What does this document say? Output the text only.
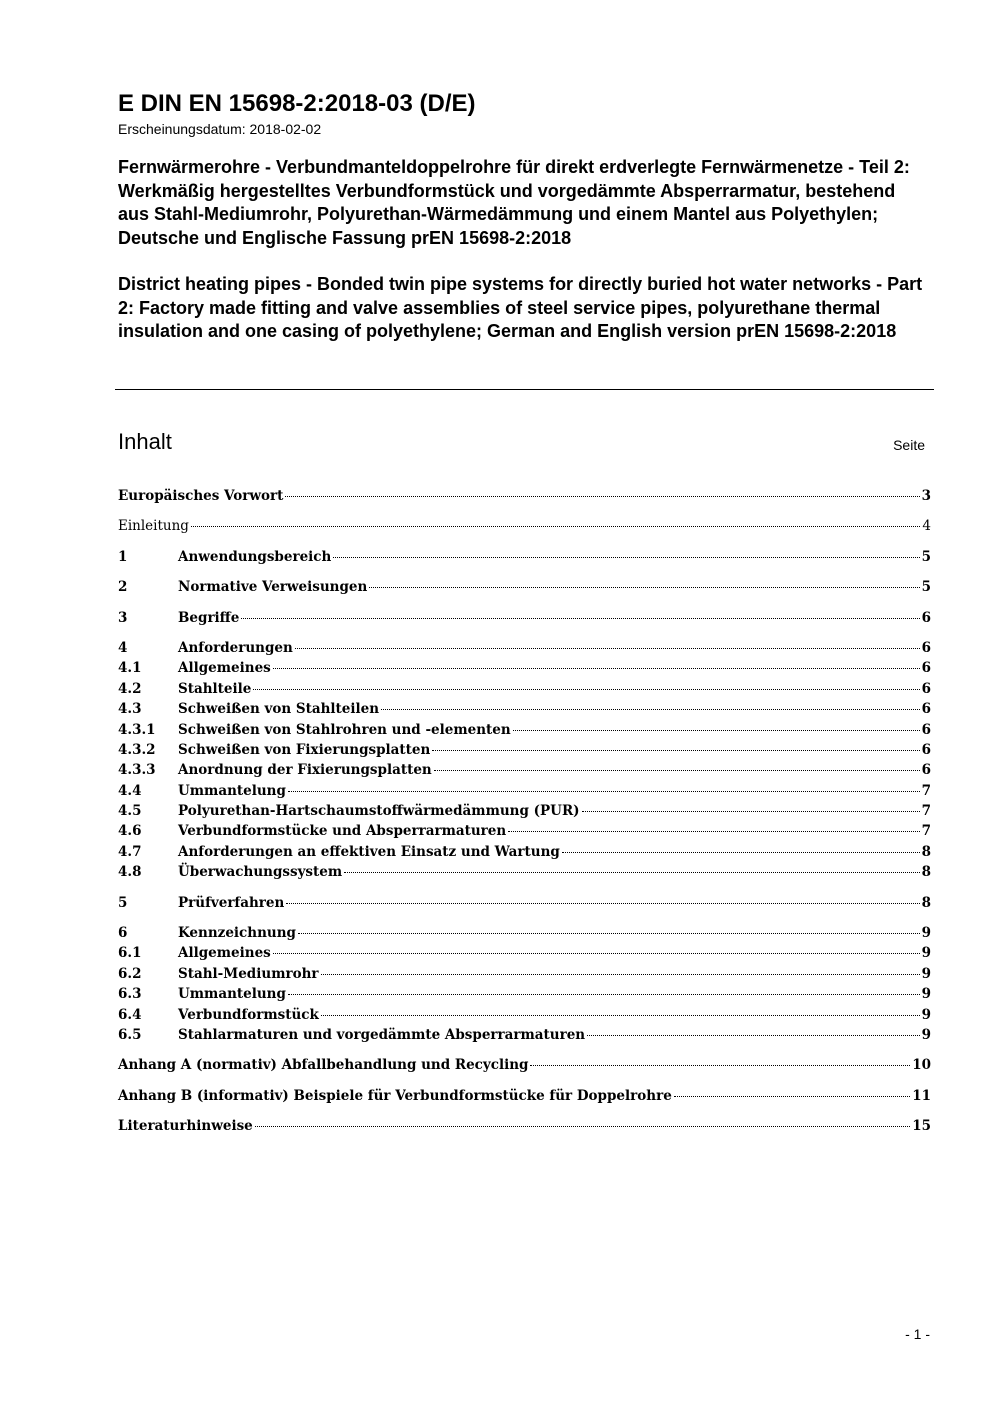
E DIN EN 15698-2:2018-03 (D/E)

Erscheinungsdatum: 2018-02-02

Fernwärmerohre - Verbundmanteldoppelrohre für direkt erdverlegte Fernwärmenetze - Teil 2: Werkmäßig hergestelltes Verbundformstück und vorgedämmte Absperrarmatur, bestehend aus Stahl-Mediumrohr, Polyurethan-Wärmedämmung und einem Mantel aus Polyethylen; Deutsche und Englische Fassung prEN 15698-2:2018

District heating pipes - Bonded twin pipe systems for directly buried hot water networks - Part 2: Factory made fitting and valve assemblies of steel service pipes, polyurethane thermal insulation and one casing of polyethylene; German and English version prEN 15698-2:2018

Inhalt	Seite
Europäisches Vorwort	3
Einleitung	4
1	Anwendungsbereich	5
2	Normative Verweisungen	5
3	Begriffe	6
4	Anforderungen	6
4.1	Allgemeines	6
4.2	Stahlteile	6
4.3	Schweißen von Stahlteilen	6
4.3.1	Schweißen von Stahlrohren und -elementen	6
4.3.2	Schweißen von Fixierungsplatten	6
4.3.3	Anordnung der Fixierungsplatten	6
4.4	Ummantelung	7
4.5	Polyurethan-Hartschaumstoffwärmedämmung (PUR)	7
4.6	Verbundformstücke und Absperrarmaturen	7
4.7	Anforderungen an effektiven Einsatz und Wartung	8
4.8	Überwachungssystem	8
5	Prüfverfahren	8
6	Kennzeichnung	9
6.1	Allgemeines	9
6.2	Stahl-Mediumrohr	9
6.3	Ummantelung	9
6.4	Verbundformstück	9
6.5	Stahlarmaturen und vorgedämmte Absperrarmaturen	9
Anhang A (normativ) Abfallbehandlung und Recycling	10
Anhang B (informativ) Beispiele für Verbundformstücke für Doppelrohre	11
Literaturhinweise	15
- 1 -
